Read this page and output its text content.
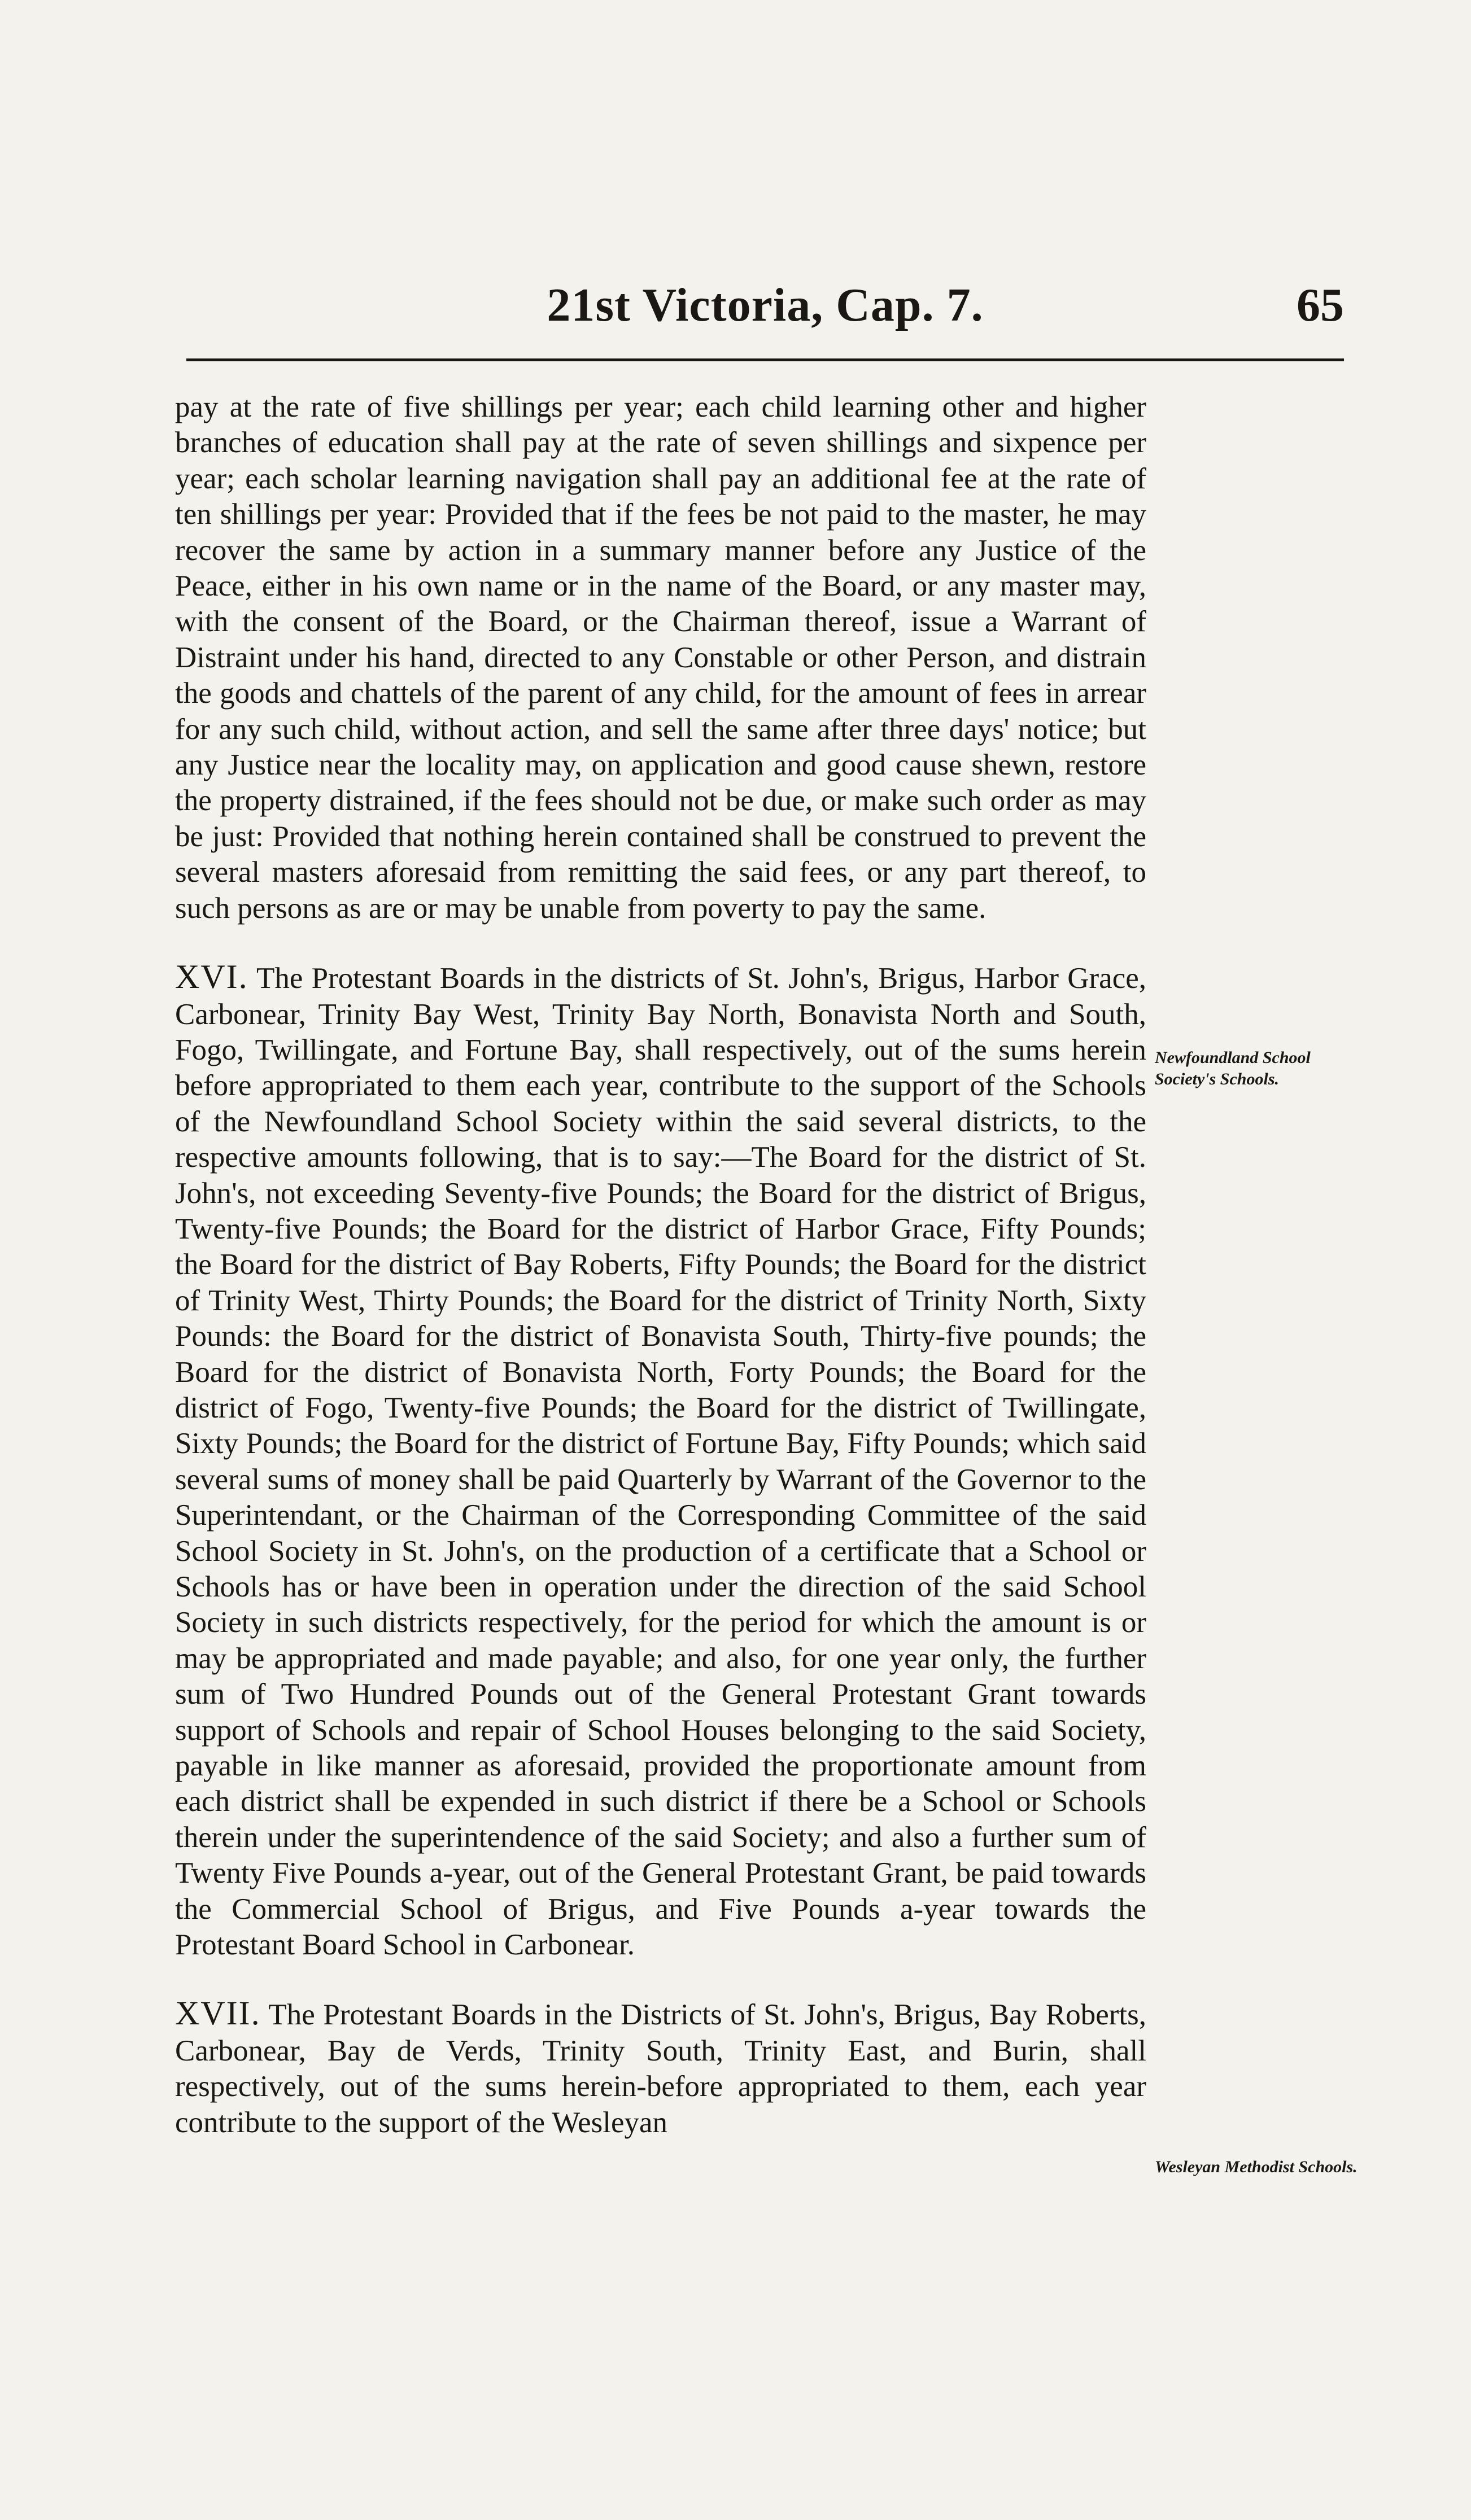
21st Victoria, Cap. 7.	65

pay at the rate of five shillings per year; each child learning other and higher branches of education shall pay at the rate of seven shillings and sixpence per year; each scholar learning navigation shall pay an additional fee at the rate of ten shillings per year: Provided that if the fees be not paid to the master, he may recover the same by action in a summary manner before any Justice of the Peace, either in his own name or in the name of the Board, or any master may, with the consent of the Board, or the Chairman thereof, issue a Warrant of Distraint under his hand, directed to any Constable or other Person, and distrain the goods and chattels of the parent of any child, for the amount of fees in arrear for any such child, without action, and sell the same after three days' notice; but any Justice near the locality may, on application and good cause shewn, restore the property distrained, if the fees should not be due, or make such order as may be just: Provided that nothing herein contained shall be construed to prevent the several masters aforesaid from remitting the said fees, or any part thereof, to such persons as are or may be unable from poverty to pay the same.

XVI. The Protestant Boards in the districts of St. John's, Brigus, Harbor Grace, Carbonear, Trinity Bay West, Trinity Bay North, Bonavista North and South, Fogo, Twillingate, and Fortune Bay, shall respectively, out of the sums herein before appropriated to them each year, contribute to the support of the Schools of the Newfoundland School Society within the said several districts, to the respective amounts following, that is to say:—The Board for the district of St. John's, not exceeding Seventy-five Pounds; the Board for the district of Brigus, Twenty-five Pounds; the Board for the district of Harbor Grace, Fifty Pounds; the Board for the district of Bay Roberts, Fifty Pounds; the Board for the district of Trinity West, Thirty Pounds; the Board for the district of Trinity North, Sixty Pounds: the Board for the district of Bonavista South, Thirty-five pounds; the Board for the district of Bonavista North, Forty Pounds; the Board for the district of Fogo, Twenty-five Pounds; the Board for the district of Twillingate, Sixty Pounds; the Board for the district of Fortune Bay, Fifty Pounds; which said several sums of money shall be paid Quarterly by Warrant of the Governor to the Superintendant, or the Chairman of the Corresponding Committee of the said School Society in St. John's, on the production of a certificate that a School or Schools has or have been in operation under the direction of the said School Society in such districts respectively, for the period for which the amount is or may be appropriated and made payable; and also, for one year only, the further sum of Two Hundred Pounds out of the General Protestant Grant towards support of Schools and repair of School Houses belonging to the said Society, payable in like manner as aforesaid, provided the proportionate amount from each district shall be expended in such district if there be a School or Schools therein under the superintendence of the said Society; and also a further sum of Twenty Five Pounds a-year, out of the General Protestant Grant, be paid towards the Commercial School of Brigus, and Five Pounds a-year towards the Protestant Board School in Carbonear.

XVII. The Protestant Boards in the Districts of St. John's, Brigus, Bay Roberts, Carbonear, Bay de Verds, Trinity South, Trinity East, and Burin, shall respectively, out of the sums herein-before appropriated to them, each year contribute to the support of the Wesleyan

Newfoundland School Society's Schools.
Wesleyan Methodist Schools.
